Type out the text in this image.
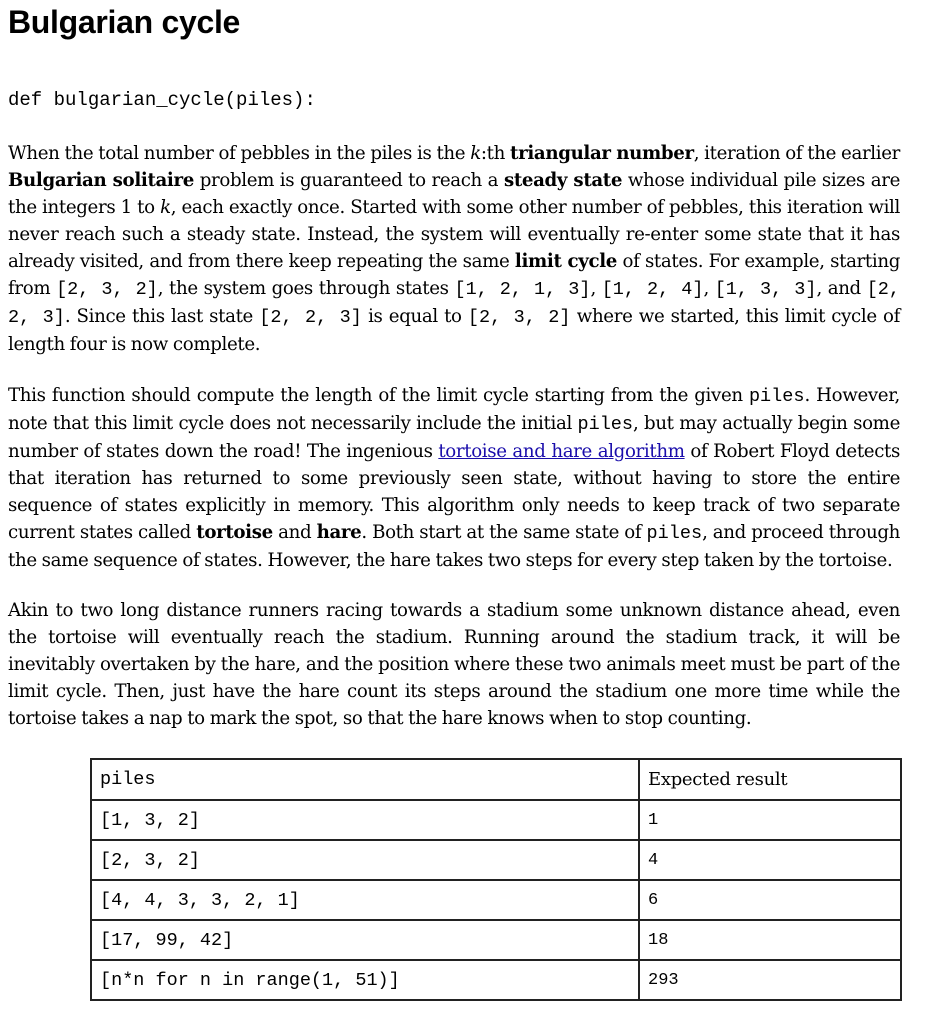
Bulgarian cycle
def bulgarian_cycle(piles):

When the total number of pebbles in the piles is the k:th triangular number, iteration of the earlier Bulgarian solitaire problem is guaranteed to reach a steady state whose individual pile sizes are the integers 1 to k, each exactly once. Started with some other number of pebbles, this iteration will never reach such a steady state. Instead, the system will eventually re-enter some state that it has already visited, and from there keep repeating the same limit cycle of states. For example, starting from [2, 3, 2], the system goes through states [1, 2, 1, 3], [1, 2, 4], [1, 3, 3], and [2, 2, 3]. Since this last state [2, 2, 3] is equal to [2, 3, 2] where we started, this limit cycle of length four is now complete.

This function should compute the length of the limit cycle starting from the given piles. However, note that this limit cycle does not necessarily include the initial piles, but may actually begin some number of states down the road! The ingenious tortoise and hare algorithm of Robert Floyd detects that iteration has returned to some previously seen state, without having to store the entire sequence of states explicitly in memory. This algorithm only needs to keep track of two separate current states called tortoise and hare. Both start at the same state of piles, and proceed through the same sequence of states. However, the hare takes two steps for every step taken by the tortoise.

Akin to two long distance runners racing towards a stadium some unknown distance ahead, even the tortoise will eventually reach the stadium. Running around the stadium track, it will be inevitably overtaken by the hare, and the position where these two animals meet must be part of the limit cycle. Then, just have the hare count its steps around the stadium one more time while the tortoise takes a nap to mark the spot, so that the hare knows when to stop counting.

piles	Expected result
[1, 3, 2]	1
[2, 3, 2]	4
[4, 4, 3, 3, 2, 1]	6
[17, 99, 42]	18
[n*n for n in range(1, 51)]	293
